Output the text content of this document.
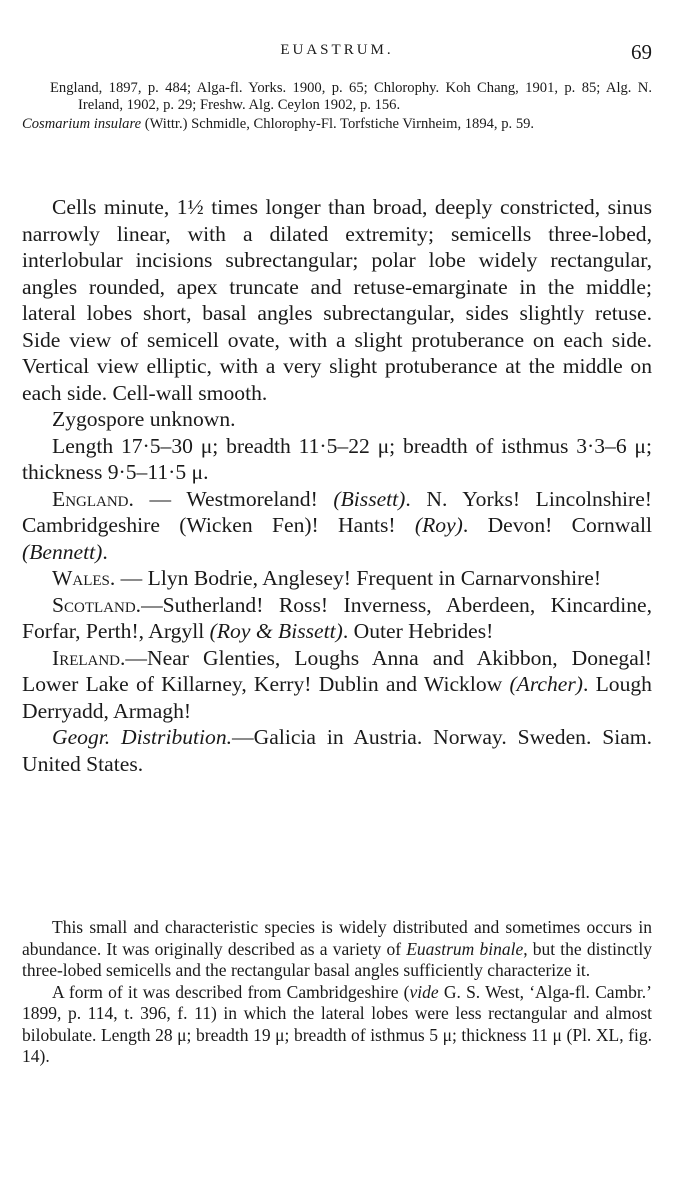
EUASTRUM.	69

England, 1897, p. 484; Alga-fl. Yorks. 1900, p. 65; Chlorophy. Koh Chang, 1901, p. 85; Alg. N. Ireland, 1902, p. 29; Freshw. Alg. Ceylon 1902, p. 156.

Cosmarium insulare (Wittr.) Schmidle, Chlorophy-Fl. Torfstiche Virnheim, 1894, p. 59.

Cells minute, 1½ times longer than broad, deeply constricted, sinus narrowly linear, with a dilated extremity; semicells three-lobed, interlobular incisions subrectangular; polar lobe widely rectangular, angles rounded, apex truncate and retuse-emarginate in the middle; lateral lobes short, basal angles subrectangular, sides slightly retuse. Side view of semicell ovate, with a slight protuberance on each side. Vertical view elliptic, with a very slight protuberance at the middle on each side. Cell-wall smooth.

Zygospore unknown.

Length 17·5–30 μ; breadth 11·5–22 μ; breadth of isthmus 3·3–6 μ; thickness 9·5–11·5 μ.

England. — Westmoreland! (Bissett). N. Yorks! Lincolnshire! Cambridgeshire (Wicken Fen)! Hants! (Roy). Devon! Cornwall (Bennett).

Wales. — Llyn Bodrie, Anglesey! Frequent in Carnarvonshire!

Scotland.—Sutherland! Ross! Inverness, Aberdeen, Kincardine, Forfar, Perth!, Argyll (Roy & Bissett). Outer Hebrides!

Ireland.—Near Glenties, Loughs Anna and Akibbon, Donegal! Lower Lake of Killarney, Kerry! Dublin and Wicklow (Archer). Lough Derryadd, Armagh!

Geogr. Distribution.—Galicia in Austria. Norway. Sweden. Siam. United States.

This small and characteristic species is widely distributed and sometimes occurs in abundance. It was originally described as a variety of Euastrum binale, but the distinctly three-lobed semicells and the rectangular basal angles sufficiently characterize it.

A form of it was described from Cambridgeshire (vide G. S. West, ‘Alga-fl. Cambr.’ 1899, p. 114, t. 396, f. 11) in which the lateral lobes were less rectangular and almost bilobulate. Length 28 μ; breadth 19 μ; breadth of isthmus 5 μ; thickness 11 μ (Pl. XL, fig. 14).
